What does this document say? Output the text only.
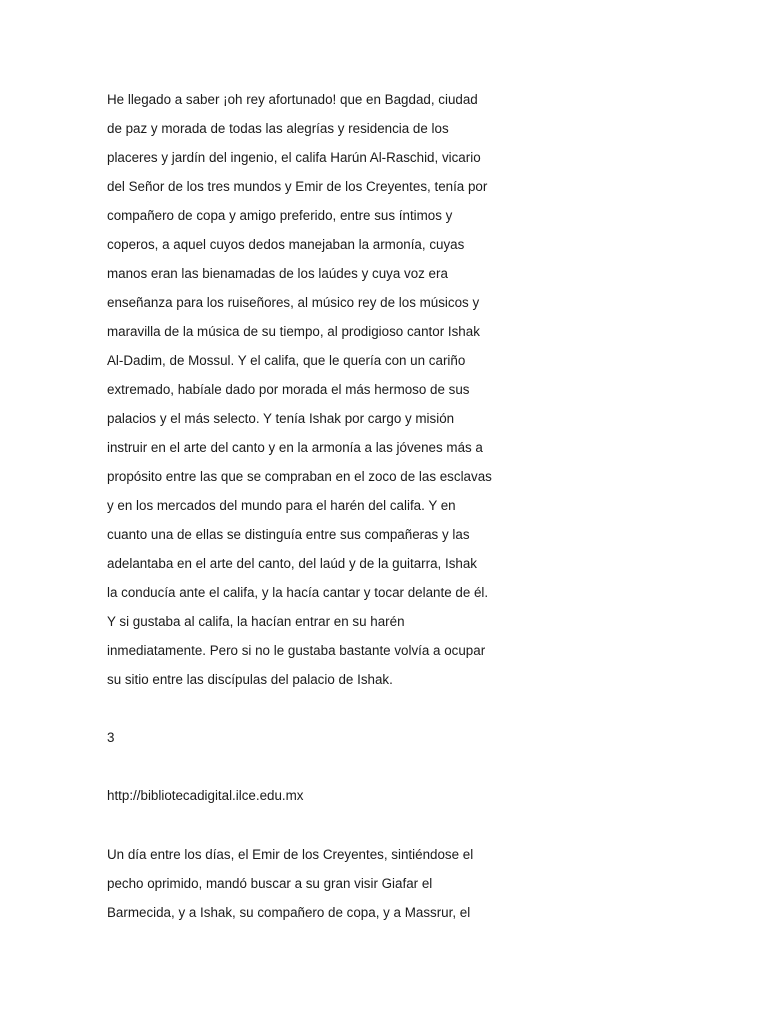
He llegado a saber ¡oh rey afortunado! que en Bagdad, ciudad
de paz y morada de todas las alegrías y residencia de los
placeres y jardín del ingenio, el califa Harún Al-Raschid, vicario
del Señor de los tres mundos y Emir de los Creyentes, tenía por
compañero de copa y amigo preferido, entre sus íntimos y
coperos, a aquel cuyos dedos manejaban la armonía, cuyas
manos eran las bienamadas de los laúdes y cuya voz era
enseñanza para los ruiseñores, al músico rey de los músicos y
maravilla de la música de su tiempo, al prodigioso cantor Ishak
Al-Dadim, de Mossul. Y el califa, que le quería con un cariño
extremado, habíale dado por morada el más hermoso de sus
palacios y el más selecto. Y tenía Ishak por cargo y misión
instruir en el arte del canto y en la armonía a las jóvenes más a
propósito entre las que se compraban en el zoco de las esclavas
y en los mercados del mundo para el harén del califa. Y en
cuanto una de ellas se distinguía entre sus compañeras y las
adelantaba en el arte del canto, del laúd y de la guitarra, Ishak
la conducía ante el califa, y la hacía cantar y tocar delante de él.
Y si gustaba al califa, la hacían entrar en su harén
inmediatamente. Pero si no le gustaba bastante volvía a ocupar
su sitio entre las discípulas del palacio de Ishak.
3
http://bibliotecadigital.ilce.edu.mx
Un día entre los días, el Emir de los Creyentes, sintiéndose el
pecho oprimido, mandó buscar a su gran visir Giafar el
Barmecida, y a Ishak, su compañero de copa, y a Massrur, el
